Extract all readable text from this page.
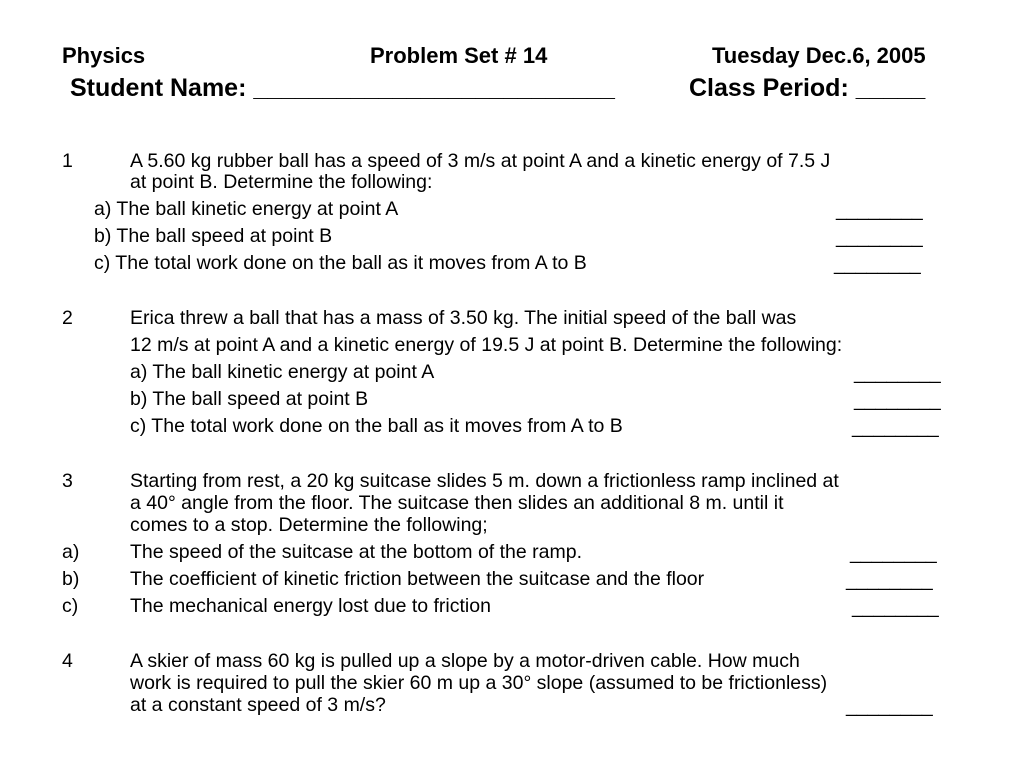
Physics	Problem Set # 14	Tuesday Dec.6, 2005
Student Name: __________________________	Class Period: _____
1	A 5.60 kg rubber ball has a speed of 3 m/s at point A and a kinetic energy of 7.5 J
at point B. Determine the following:
a) The ball kinetic energy at point A	________
b) The ball speed at point B	________
c) The total work done on the ball as it moves from A to B	________
2	Erica threw a ball that has a mass of 3.50 kg. The initial speed of the ball was
12 m/s at point A and a kinetic energy of 19.5 J at point B. Determine the following:
a) The ball kinetic energy at point A	________
b) The ball speed at point B	________
c) The total work done on the ball as it moves from A to B	________
3	Starting from rest, a 20 kg suitcase slides 5 m. down a frictionless ramp inclined at
a 40° angle from the floor. The suitcase then slides an additional 8 m. until it
comes to a stop. Determine the following;
a)	The speed of the suitcase at the bottom of the ramp.	________
b)	The coefficient of kinetic friction between the suitcase and the floor	________
c)	The mechanical energy lost due to friction	________
4	A skier of mass 60 kg is pulled up a slope by a motor-driven cable. How much
work is required to pull the skier 60 m up a 30° slope (assumed to be frictionless)
at a constant speed of 3 m/s?	________
